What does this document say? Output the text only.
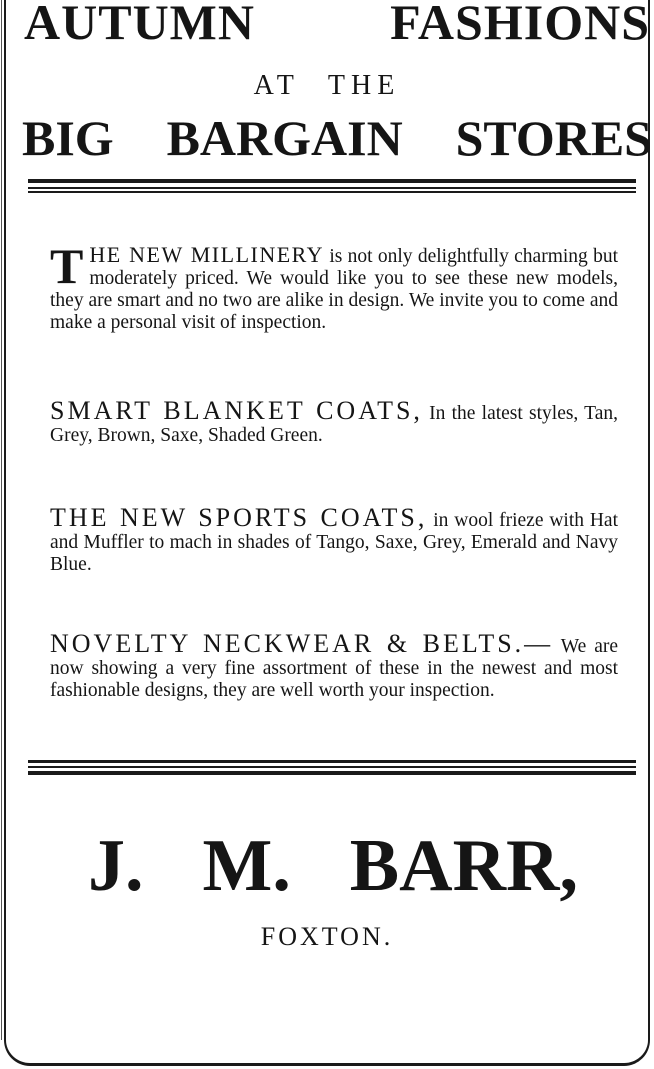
AUTUMN	FASHIONS
AT THE
BIG BARGAIN STORES
T HE NEW MILLINERY is not only delightfully charming but moderately priced. We would like you to see these new models, they are smart and no two are alike in design. We invite you to come and make a personal visit of inspection.
SMART BLANKET COATS, In the latest styles, Tan, Grey, Brown, Saxe, Shaded Green.
THE NEW SPORTS COATS, in wool frieze with Hat and Muffler to mach in shades of Tango, Saxe, Grey, Emerald and Navy Blue.
NOVELTY NECKWEAR & BELTS.— We are now showing a very fine assortment of these in the newest and most fashionable designs, they are well worth your inspection.
J. M. BARR,
FOXTON.
